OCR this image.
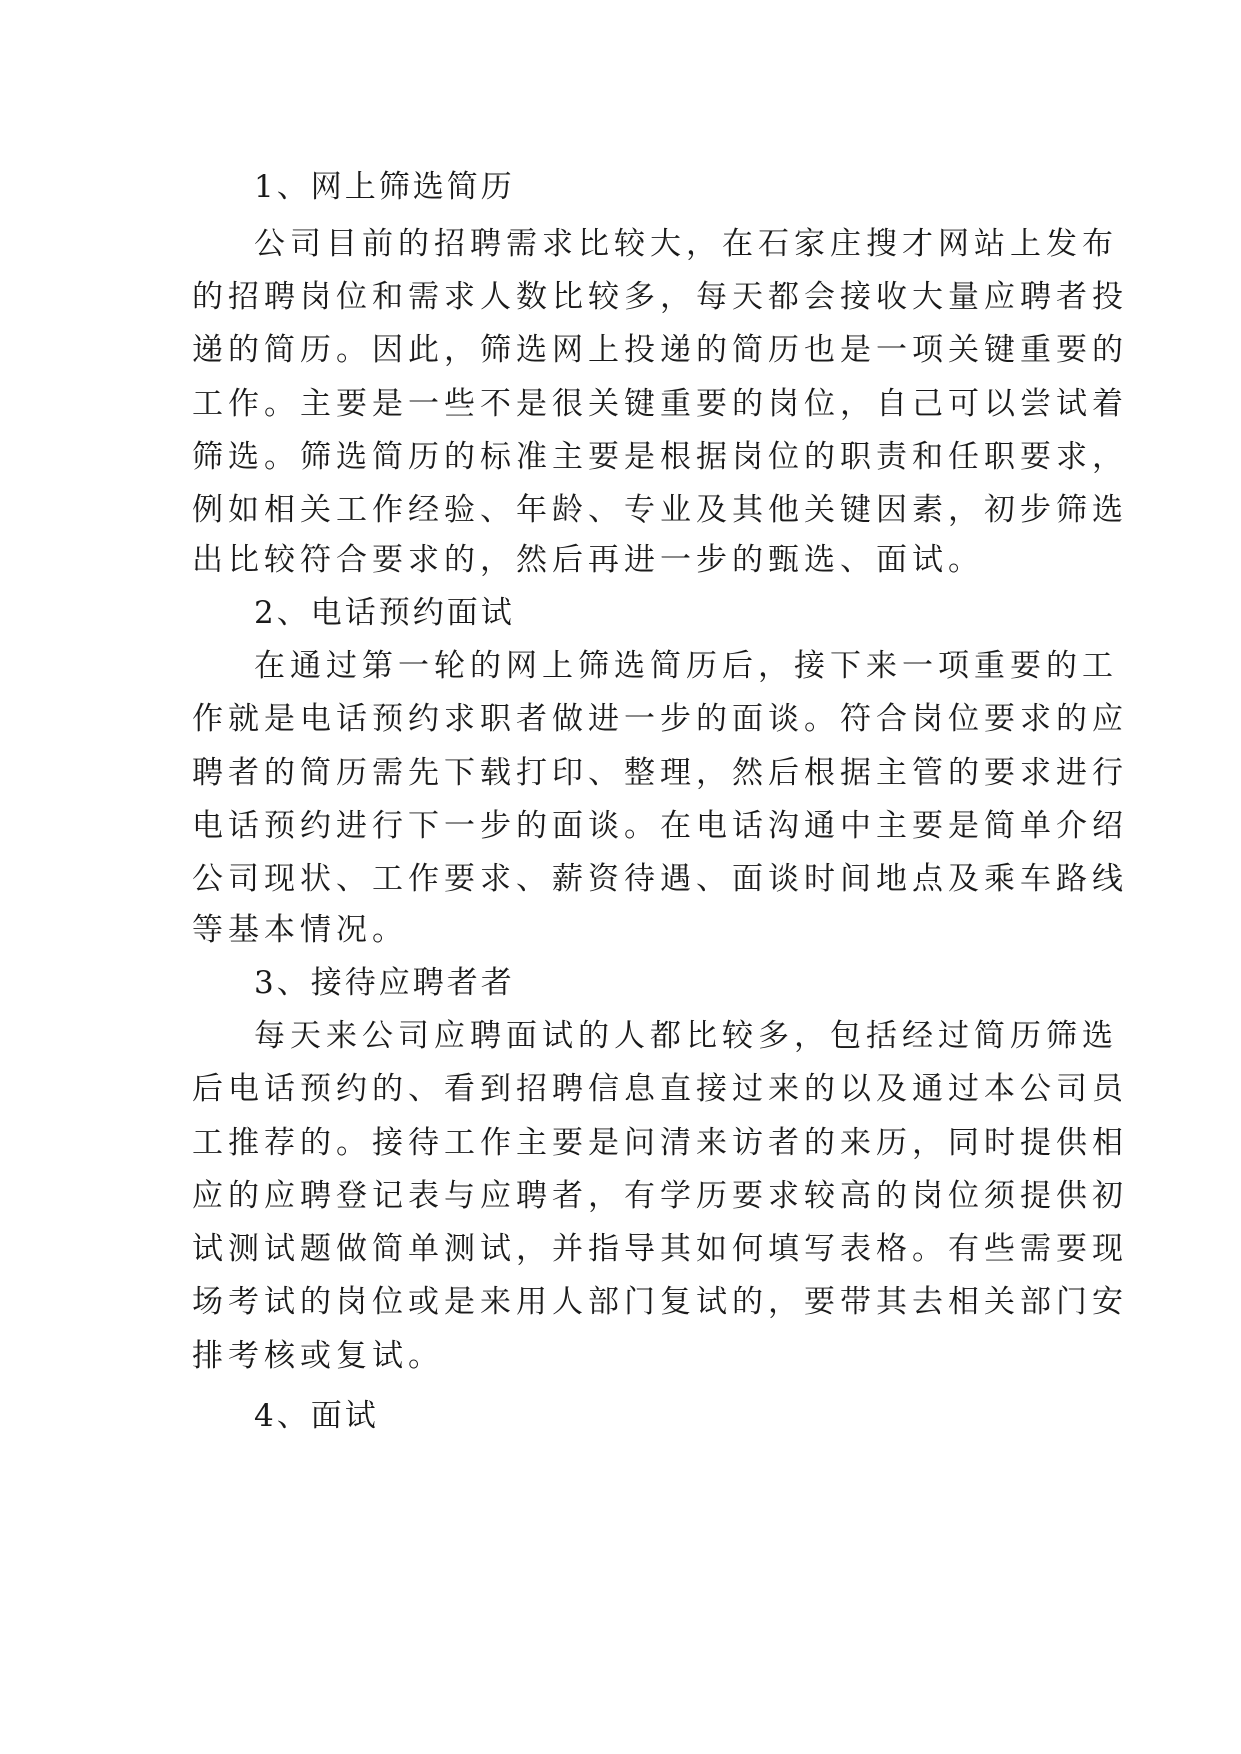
1、网上筛选简历
公司目前的招聘需求比较大，在石家庄搜才网站上发布
的招聘岗位和需求人数比较多，每天都会接收大量应聘者投
递的简历。因此，筛选网上投递的简历也是一项关键重要的
工作。主要是一些不是很关键重要的岗位，自己可以尝试着
筛选。筛选简历的标准主要是根据岗位的职责和任职要求，
例如相关工作经验、年龄、专业及其他关键因素，初步筛选
出比较符合要求的，然后再进一步的甄选、面试。
2、电话预约面试
在通过第一轮的网上筛选简历后，接下来一项重要的工
作就是电话预约求职者做进一步的面谈。符合岗位要求的应
聘者的简历需先下载打印、整理，然后根据主管的要求进行
电话预约进行下一步的面谈。在电话沟通中主要是简单介绍
公司现状、工作要求、薪资待遇、面谈时间地点及乘车路线
等基本情况。
3、接待应聘者者
每天来公司应聘面试的人都比较多，包括经过简历筛选
后电话预约的、看到招聘信息直接过来的以及通过本公司员
工推荐的。接待工作主要是问清来访者的来历，同时提供相
应的应聘登记表与应聘者，有学历要求较高的岗位须提供初
试测试题做简单测试，并指导其如何填写表格。有些需要现
场考试的岗位或是来用人部门复试的，要带其去相关部门安
排考核或复试。
4、面试
